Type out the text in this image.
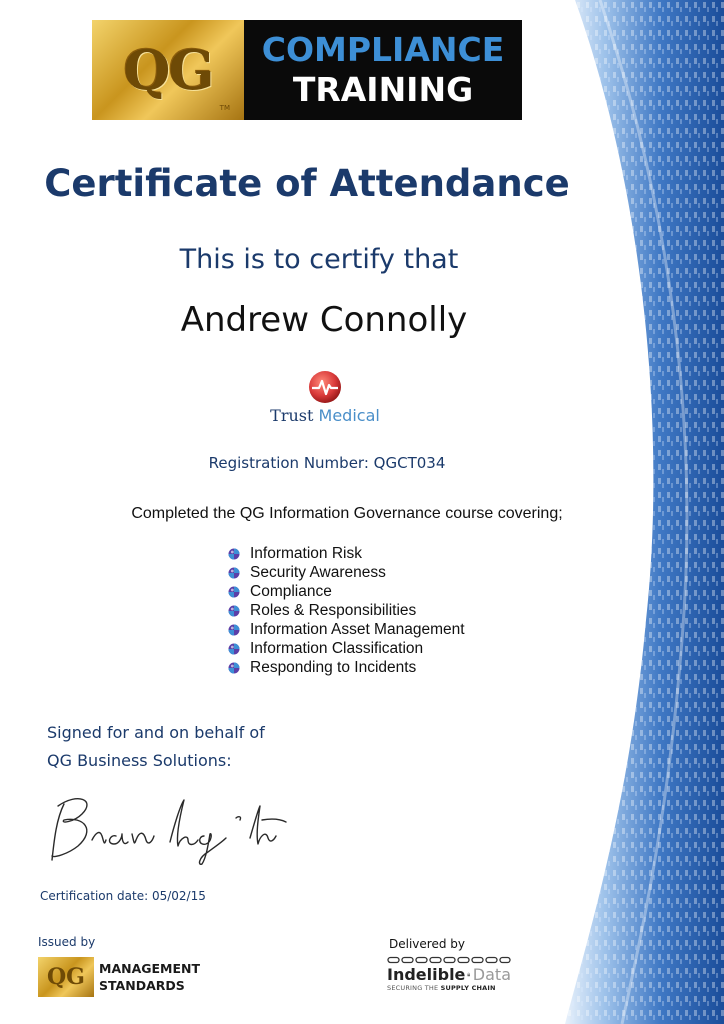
QG
TM
COMPLIANCE
TRAINING
Certificate of Attendance
This is to certify that
Andrew Connolly
Trust Medical
Registration Number: QGCT034
Completed the QG Information Governance course covering;
Information Risk
Security Awareness
Compliance
Roles & Responsibilities
Information Asset Management
Information Classification
Responding to Incidents
Signed for and on behalf of
QG Business Solutions:
Certification date: 05/02/15
Issued by	Delivered by
QG	MANAGEMENT
STANDARDS
Indelible Data
SECURING THE SUPPLY CHAIN
